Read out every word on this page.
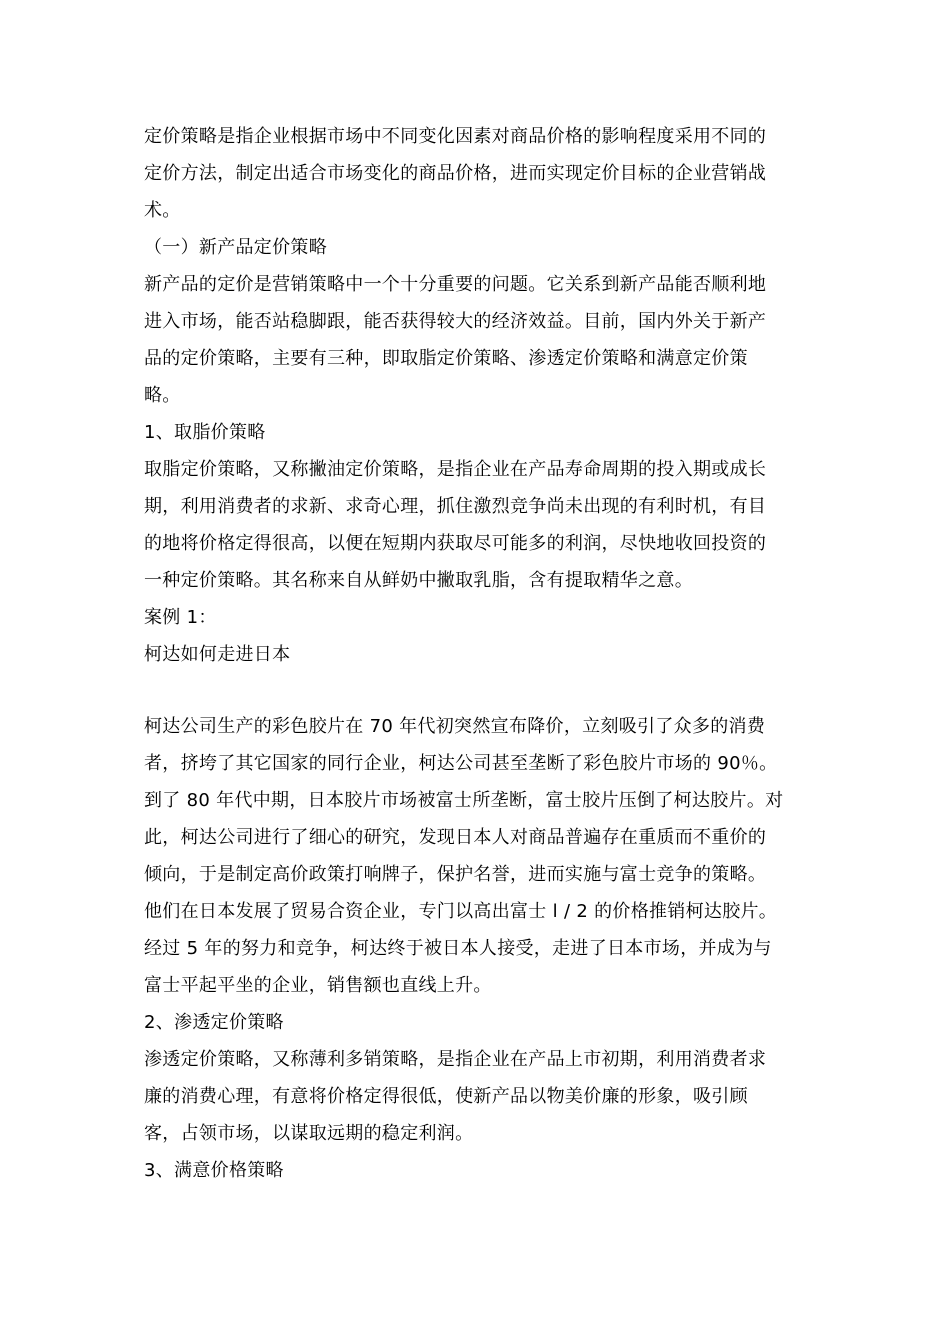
定价策略是指企业根据市场中不同变化因素对商品价格的影响程度采用不同的
定价方法，制定出适合市场变化的商品价格，进而实现定价目标的企业营销战
术。
（一）新产品定价策略
新产品的定价是营销策略中一个十分重要的问题。它关系到新产品能否顺利地
进入市场，能否站稳脚跟，能否获得较大的经济效益。目前，国内外关于新产
品的定价策略，主要有三种，即取脂定价策略、渗透定价策略和满意定价策
略。
1、取脂价策略
取脂定价策略，又称撇油定价策略，是指企业在产品寿命周期的投入期或成长
期，利用消费者的求新、求奇心理，抓住激烈竞争尚未出现的有利时机，有目
的地将价格定得很高，以便在短期内获取尽可能多的利润，尽快地收回投资的
一种定价策略。其名称来自从鲜奶中撇取乳脂，含有提取精华之意。
案例 1：
柯达如何走进日本
柯达公司生产的彩色胶片在 70 年代初突然宣布降价，立刻吸引了众多的消费
者，挤垮了其它国家的同行企业，柯达公司甚至垄断了彩色胶片市场的 90％。
到了 80 年代中期，日本胶片市场被富士所垄断，富士胶片压倒了柯达胶片。对
此，柯达公司进行了细心的研究，发现日本人对商品普遍存在重质而不重价的
倾向，于是制定高价政策打响牌子，保护名誉，进而实施与富士竞争的策略。
他们在日本发展了贸易合资企业，专门以高出富士 l / 2 的价格推销柯达胶片。
经过 5 年的努力和竞争，柯达终于被日本人接受，走进了日本市场，并成为与
富士平起平坐的企业，销售额也直线上升。
2、渗透定价策略
渗透定价策略，又称薄利多销策略，是指企业在产品上市初期，利用消费者求
廉的消费心理，有意将价格定得很低，使新产品以物美价廉的形象，吸引顾
客，占领市场，以谋取远期的稳定利润。
3、满意价格策略
